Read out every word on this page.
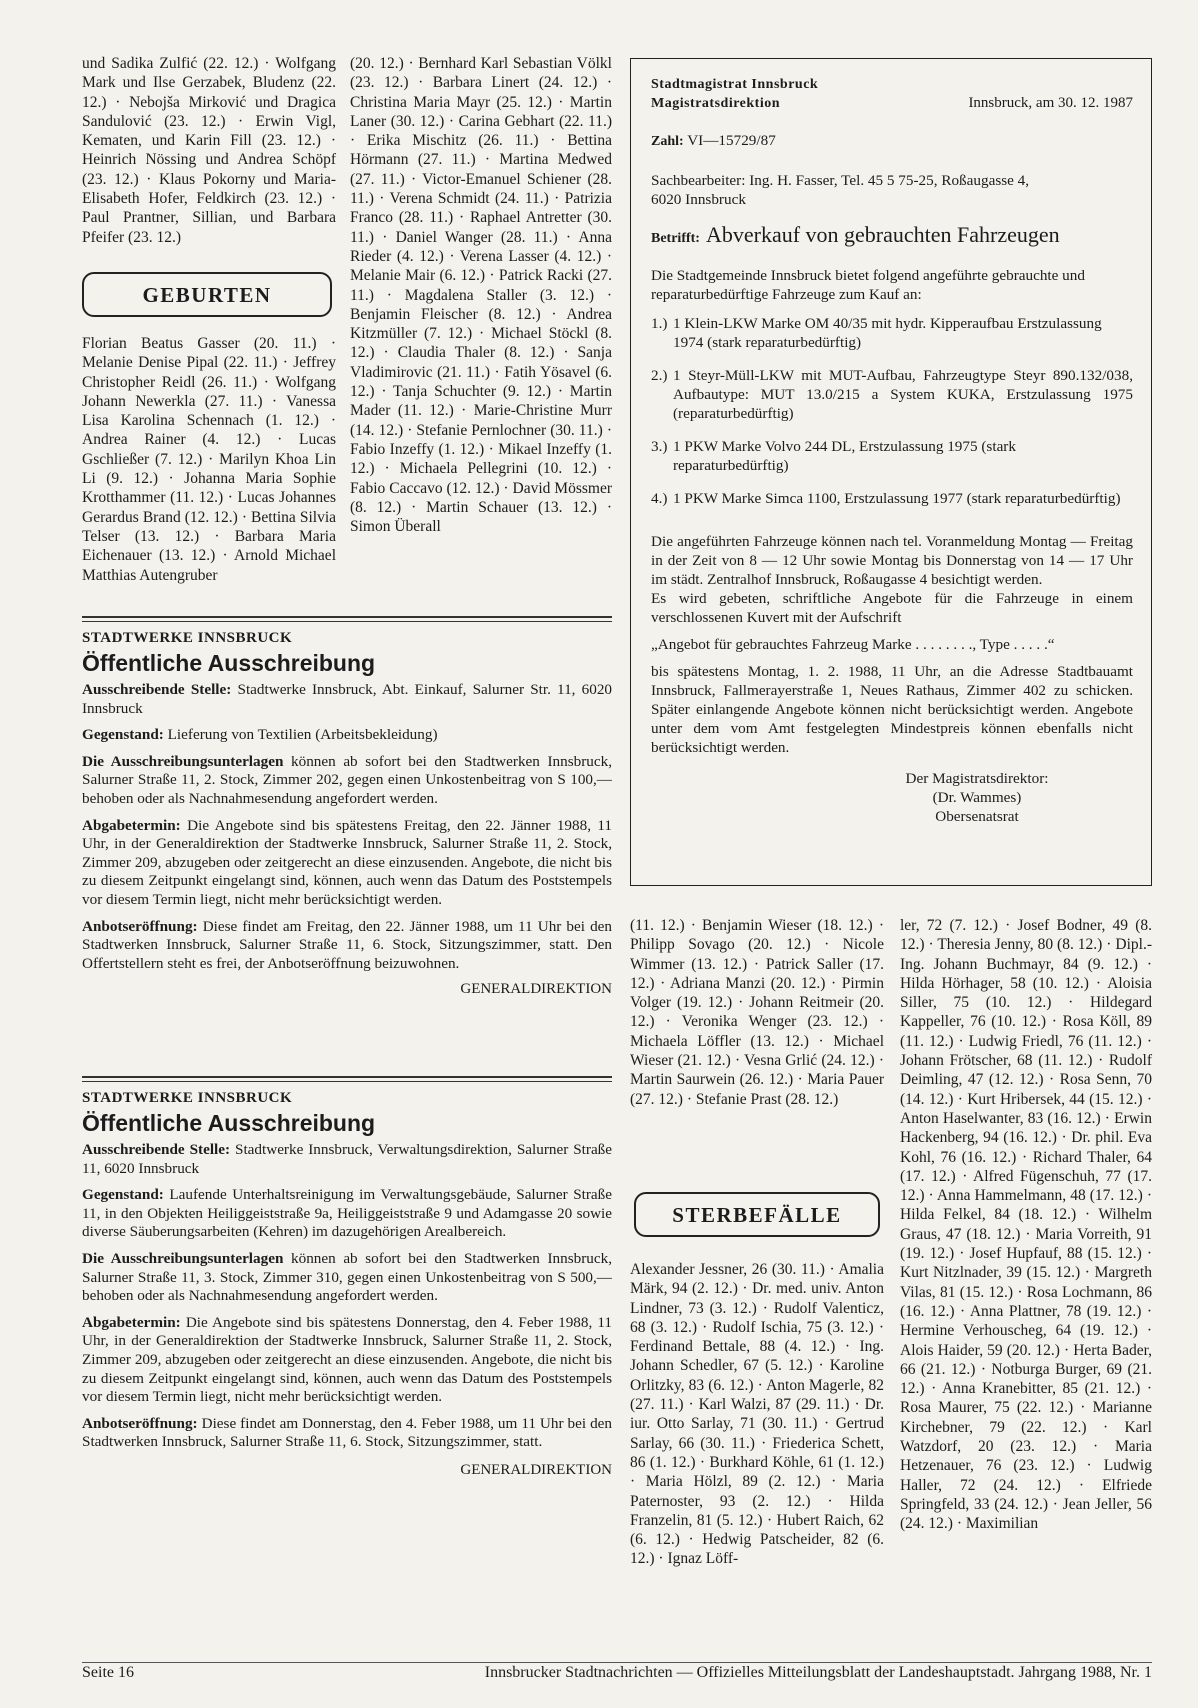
und Sadika Zulfić (22. 12.) · Wolfgang Mark und Ilse Gerzabek, Bludenz (22. 12.) · Nebojša Mirković und Dragica Sandulović (23. 12.) · Erwin Vigl, Kematen, und Karin Fill (23. 12.) · Heinrich Nössing und Andrea Schöpf (23. 12.) · Klaus Pokorny und Maria-Elisabeth Hofer, Feldkirch (23. 12.) · Paul Prantner, Sillian, und Barbara Pfeifer (23. 12.)

GEBURTEN

Florian Beatus Gasser (20. 11.) · Melanie Denise Pipal (22. 11.) · Jeffrey Christopher Reidl (26. 11.) · Wolfgang Johann Newerkla (27. 11.) · Vanessa Lisa Karolina Schennach (1. 12.) · Andrea Rainer (4. 12.) · Lucas Gschließer (7. 12.) · Marilyn Khoa Lin Li (9. 12.) · Johanna Maria Sophie Krotthammer (11. 12.) · Lucas Johannes Gerardus Brand (12. 12.) · Bettina Silvia Telser (13. 12.) · Barbara Maria Eichenauer (13. 12.) · Arnold Michael Matthias Autengruber

(20. 12.) · Bernhard Karl Sebastian Völkl (23. 12.) · Barbara Linert (24. 12.) · Christina Maria Mayr (25. 12.) · Martin Laner (30. 12.) · Carina Gebhart (22. 11.) · Erika Mischitz (26. 11.) · Bettina Hörmann (27. 11.) · Martina Medwed (27. 11.) · Victor-Emanuel Schiener (28. 11.) · Verena Schmidt (24. 11.) · Patrizia Franco (28. 11.) · Raphael Antretter (30. 11.) · Daniel Wanger (28. 11.) · Anna Rieder (4. 12.) · Verena Lasser (4. 12.) · Melanie Mair (6. 12.) · Patrick Racki (27. 11.) · Magdalena Staller (3. 12.) · Benjamin Fleischer (8. 12.) · Andrea Kitzmüller (7. 12.) · Michael Stöckl (8. 12.) · Claudia Thaler (8. 12.) · Sanja Vladimirovic (21. 11.) · Fatih Yösavel (6. 12.) · Tanja Schuchter (9. 12.) · Martin Mader (11. 12.) · Marie-Christine Murr (14. 12.) · Stefanie Pernlochner (30. 11.) · Fabio Inzeffy (1. 12.) · Mikael Inzeffy (1. 12.) · Michaela Pellegrini (10. 12.) · Fabio Caccavo (12. 12.) · David Mössmer (8. 12.) · Martin Schauer (13. 12.) · Simon Überall

Stadtmagistrat Innsbruck
Magistratsdirektion	Innsbruck, am 30. 12. 1987
Zahl: VI—15729/87
Sachbearbeiter: Ing. H. Fasser, Tel. 45 5 75-25, Roßaugasse 4,
6020 Innsbruck
Betrifft: Abverkauf von gebrauchten Fahrzeugen

Die Stadtgemeinde Innsbruck bietet folgend angeführte gebrauchte und reparaturbedürftige Fahrzeuge zum Kauf an:

1.) 1 Klein-LKW Marke OM 40/35 mit hydr. Kipperaufbau Erstzulassung 1974 (stark reparaturbedürftig)
2.) 1 Steyr-Müll-LKW mit MUT-Aufbau, Fahrzeugtype Steyr 890.132/038, Aufbautype: MUT 13.0/215 a System KUKA, Erstzulassung 1975 (reparaturbedürftig)
3.) 1 PKW Marke Volvo 244 DL, Erstzulassung 1975 (stark reparaturbedürftig)
4.) 1 PKW Marke Simca 1100, Erstzulassung 1977 (stark reparaturbedürftig)

Die angeführten Fahrzeuge können nach tel. Voranmeldung Montag — Freitag in der Zeit von 8 — 12 Uhr sowie Montag bis Donnerstag von 14 — 17 Uhr im städt. Zentralhof Innsbruck, Roßaugasse 4 besichtigt werden.

Es wird gebeten, schriftliche Angebote für die Fahrzeuge in einem verschlossenen Kuvert mit der Aufschrift

„Angebot für gebrauchtes Fahrzeug Marke . . . . . . . ., Type . . . . .“

bis spätestens Montag, 1. 2. 1988, 11 Uhr, an die Adresse Stadtbauamt Innsbruck, Fallmerayerstraße 1, Neues Rathaus, Zimmer 402 zu schicken. Später einlangende Angebote können nicht berücksichtigt werden. Angebote unter dem vom Amt festgelegten Mindestpreis können ebenfalls nicht berücksichtigt werden.

Der Magistratsdirektor:
(Dr. Wammes)
Obersenatsrat
STADTWERKE INNSBRUCK
Öffentliche Ausschreibung

Ausschreibende Stelle: Stadtwerke Innsbruck, Abt. Einkauf, Salurner Str. 11, 6020 Innsbruck

Gegenstand: Lieferung von Textilien (Arbeitsbekleidung)

Die Ausschreibungsunterlagen können ab sofort bei den Stadtwerken Innsbruck, Salurner Straße 11, 2. Stock, Zimmer 202, gegen einen Unkostenbeitrag von S 100,— behoben oder als Nachnahmesendung angefordert werden.

Abgabetermin: Die Angebote sind bis spätestens Freitag, den 22. Jänner 1988, 11 Uhr, in der Generaldirektion der Stadtwerke Innsbruck, Salurner Straße 11, 2. Stock, Zimmer 209, abzugeben oder zeitgerecht an diese einzusenden. Angebote, die nicht bis zu diesem Zeitpunkt eingelangt sind, können, auch wenn das Datum des Poststempels vor diesem Termin liegt, nicht mehr berücksichtigt werden.

Anbotseröffnung: Diese findet am Freitag, den 22. Jänner 1988, um 11 Uhr bei den Stadtwerken Innsbruck, Salurner Straße 11, 6. Stock, Sitzungszimmer, statt. Den Offertstellern steht es frei, der Anbotseröffnung beizuwohnen.

GENERALDIREKTION
STADTWERKE INNSBRUCK
Öffentliche Ausschreibung

Ausschreibende Stelle: Stadtwerke Innsbruck, Verwaltungsdirektion, Salurner Straße 11, 6020 Innsbruck

Gegenstand: Laufende Unterhaltsreinigung im Verwaltungsgebäude, Salurner Straße 11, in den Objekten Heiliggeiststraße 9a, Heiliggeiststraße 9 und Adamgasse 20 sowie diverse Säuberungsarbeiten (Kehren) im dazugehörigen Arealbereich.

Die Ausschreibungsunterlagen können ab sofort bei den Stadtwerken Innsbruck, Salurner Straße 11, 3. Stock, Zimmer 310, gegen einen Unkostenbeitrag von S 500,— behoben oder als Nachnahmesendung angefordert werden.

Abgabetermin: Die Angebote sind bis spätestens Donnerstag, den 4. Feber 1988, 11 Uhr, in der Generaldirektion der Stadtwerke Innsbruck, Salurner Straße 11, 2. Stock, Zimmer 209, abzugeben oder zeitgerecht an diese einzusenden. Angebote, die nicht bis zu diesem Zeitpunkt eingelangt sind, können, auch wenn das Datum des Poststempels vor diesem Termin liegt, nicht mehr berücksichtigt werden.

Anbotseröffnung: Diese findet am Donnerstag, den 4. Feber 1988, um 11 Uhr bei den Stadtwerken Innsbruck, Salurner Straße 11, 6. Stock, Sitzungszimmer, statt.

GENERALDIREKTION

(11. 12.) · Benjamin Wieser (18. 12.) · Philipp Sovago (20. 12.) · Nicole Wimmer (13. 12.) · Patrick Saller (17. 12.) · Adriana Manzi (20. 12.) · Pirmin Volger (19. 12.) · Johann Reitmeir (20. 12.) · Veronika Wenger (23. 12.) · Michaela Löffler (13. 12.) · Michael Wieser (21. 12.) · Vesna Grlić (24. 12.) · Martin Saurwein (26. 12.) · Maria Pauer (27. 12.) · Stefanie Prast (28. 12.)

STERBEFÄLLE

Alexander Jessner, 26 (30. 11.) · Amalia Märk, 94 (2. 12.) · Dr. med. univ. Anton Lindner, 73 (3. 12.) · Rudolf Valenticz, 68 (3. 12.) · Rudolf Ischia, 75 (3. 12.) · Ferdinand Bettale, 88 (4. 12.) · Ing. Johann Schedler, 67 (5. 12.) · Karoline Orlitzky, 83 (6. 12.) · Anton Magerle, 82 (27. 11.) · Karl Walzi, 87 (29. 11.) · Dr. iur. Otto Sarlay, 71 (30. 11.) · Gertrud Sarlay, 66 (30. 11.) · Friederica Schett, 86 (1. 12.) · Burkhard Köhle, 61 (1. 12.) · Maria Hölzl, 89 (2. 12.) · Maria Paternoster, 93 (2. 12.) · Hilda Franzelin, 81 (5. 12.) · Hubert Raich, 62 (6. 12.) · Hedwig Patscheider, 82 (6. 12.) · Ignaz Löff-

ler, 72 (7. 12.) · Josef Bodner, 49 (8. 12.) · Theresia Jenny, 80 (8. 12.) · Dipl.-Ing. Johann Buchmayr, 84 (9. 12.) · Hilda Hörhager, 58 (10. 12.) · Aloisia Siller, 75 (10. 12.) · Hildegard Kappeller, 76 (10. 12.) · Rosa Köll, 89 (11. 12.) · Ludwig Friedl, 76 (11. 12.) · Johann Frötscher, 68 (11. 12.) · Rudolf Deimling, 47 (12. 12.) · Rosa Senn, 70 (14. 12.) · Kurt Hribersek, 44 (15. 12.) · Anton Haselwanter, 83 (16. 12.) · Erwin Hackenberg, 94 (16. 12.) · Dr. phil. Eva Kohl, 76 (16. 12.) · Richard Thaler, 64 (17. 12.) · Alfred Fügenschuh, 77 (17. 12.) · Anna Hammelmann, 48 (17. 12.) · Hilda Felkel, 84 (18. 12.) · Wilhelm Graus, 47 (18. 12.) · Maria Vorreith, 91 (19. 12.) · Josef Hupfauf, 88 (15. 12.) · Kurt Nitzlnader, 39 (15. 12.) · Margreth Vilas, 81 (15. 12.) · Rosa Lochmann, 86 (16. 12.) · Anna Plattner, 78 (19. 12.) · Hermine Verhouscheg, 64 (19. 12.) · Alois Haider, 59 (20. 12.) · Herta Bader, 66 (21. 12.) · Notburga Burger, 69 (21. 12.) · Anna Kranebitter, 85 (21. 12.) · Rosa Maurer, 75 (22. 12.) · Marianne Kirchebner, 79 (22. 12.) · Karl Watzdorf, 20 (23. 12.) · Maria Hetzenauer, 76 (23. 12.) · Ludwig Haller, 72 (24. 12.) · Elfriede Springfeld, 33 (24. 12.) · Jean Jeller, 56 (24. 12.) · Maximilian

Seite 16	Innsbrucker Stadtnachrichten — Offizielles Mitteilungsblatt der Landeshauptstadt. Jahrgang 1988, Nr. 1
